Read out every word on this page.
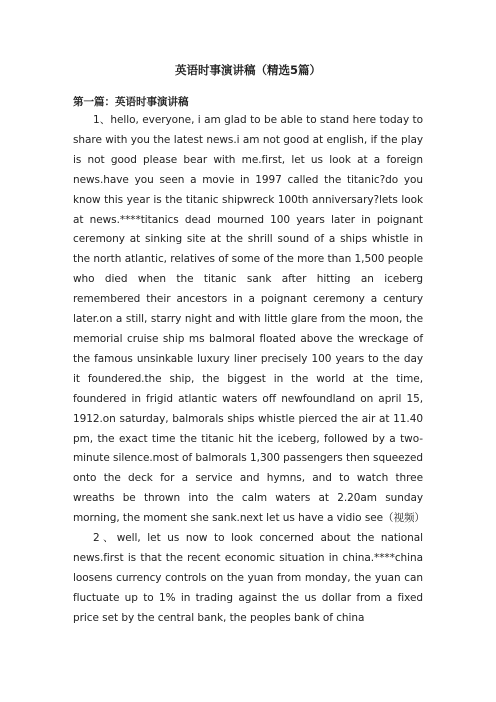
英语时事演讲稿（精选5篇）
第一篇：英语时事演讲稿

1、hello, everyone, i am glad to be able to stand here today to share with you the latest news.i am not good at english, if the play is not good please bear with me.first, let us look at a foreign news.have you seen a movie in 1997 called the titanic?do you know this year is the titanic shipwreck 100th anniversary?lets look at news.****titanics dead mourned 100 years later in poignant ceremony at sinking site at the shrill sound of a ships whistle in the north atlantic, relatives of some of the more than 1,500 people who died when the titanic sank after hitting an iceberg remembered their ancestors in a poignant ceremony a century later.on a still, starry night and with little glare from the moon, the memorial cruise ship ms balmoral floated above the wreckage of the famous unsinkable luxury liner precisely 100 years to the day it foundered.the ship, the biggest in the world at the time, foundered in frigid atlantic waters off newfoundland on april 15, 1912.on saturday, balmorals ships whistle pierced the air at 11.40 pm, the exact time the titanic hit the iceberg, followed by a two-minute silence.most of balmorals 1,300 passengers then squeezed onto the deck for a service and hymns, and to watch three wreaths be thrown into the calm waters at 2.20am sunday morning, the moment she sank.next let us have a vidio see（视频）

2、well, let us now to look concerned about the national news.first is that the recent economic situation in china.****china loosens currency controls on the yuan from monday, the yuan can fluctuate up to 1% in trading against the us dollar from a fixed price set by the central bank, the peoples bank of china
